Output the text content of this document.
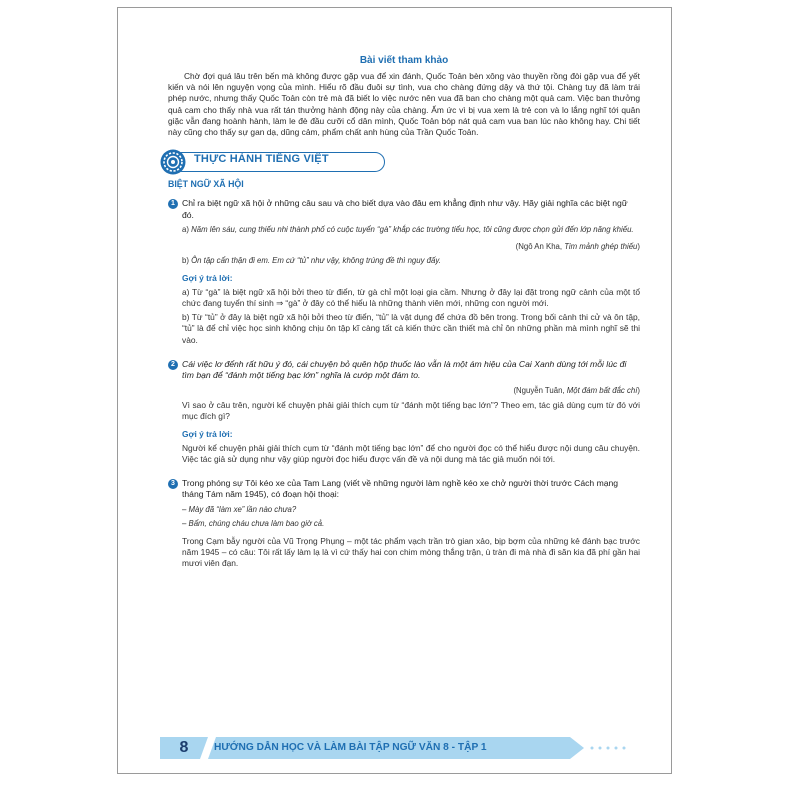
Bài viết tham khảo

Chờ đợi quá lâu trên bến mà không được gặp vua để xin đánh, Quốc Toản bèn xông vào thuyền rồng đòi gặp vua để yết kiến và nói lên nguyện vọng của mình. Hiểu rõ đầu đuôi sự tình, vua cho chàng đứng dậy và thứ tội. Chàng tuy đã làm trái phép nước, nhưng thấy Quốc Toản còn trẻ mà đã biết lo việc nước nên vua đã ban cho chàng một quả cam. Việc ban thưởng quả cam cho thấy nhà vua rất tán thưởng hành động này của chàng. Ấm ức vì bị vua xem là trẻ con và lo lắng nghĩ tới quân giặc vẫn đang hoành hành, làm le đè đầu cưỡi cổ dân mình, Quốc Toản bóp nát quả cam vua ban lúc nào không hay. Chi tiết này cũng cho thấy sự gan dạ, dũng cảm, phẩm chất anh hùng của Trần Quốc Toản.

THỰC HÀNH TIẾNG VIỆT

BIỆT NGỮ XÃ HỘI

1 Chỉ ra biệt ngữ xã hội ở những câu sau và cho biết dựa vào đâu em khẳng định như vậy. Hãy giải nghĩa các biệt ngữ đó.

a) Năm lên sáu, cung thiếu nhi thành phố có cuộc tuyển “gà” khắp các trường tiểu học, tôi cũng được chọn gửi đến lớp năng khiếu.

(Ngô An Kha, Tim mảnh ghép thiếu)

b) Ôn tập cẩn thận đi em. Em cứ “tủ” như vậy, không trúng đề thì nguy đấy.

Gợi ý trả lời:

a) Từ “gà” là biệt ngữ xã hội bởi theo từ điển, từ gà chỉ một loại gia cầm. Nhưng ở đây lại đặt trong ngữ cảnh của một tổ chức đang tuyển thí sinh ⇒ “gà” ở đây có thể hiểu là những thành viên mới, những con người mới.

b) Từ “tủ” ở đây là biệt ngữ xã hội bởi theo từ điển, “tủ” là vật dụng để chứa đồ bên trong. Trong bối cảnh thi cử và ôn tập, “tủ” là để chỉ việc học sinh không chịu ôn tập kĩ càng tất cả kiến thức cần thiết mà chỉ ôn những phần mà mình nghĩ sẽ thi vào.

2 Cái việc lơ đểnh rất hữu ý đó, cái chuyện bỏ quên hộp thuốc lào vẫn là một ám hiệu của Cai Xanh dùng tới mỗi lúc đi tìm bạn để “đánh một tiếng bạc lớn” nghĩa là cướp một đám to.

(Nguyễn Tuân, Một đám bất đắc chí)

Vì sao ở câu trên, người kể chuyện phải giải thích cụm từ “đánh một tiếng bạc lớn”? Theo em, tác giả dùng cụm từ đó với mục đích gì?

Gợi ý trả lời:

Người kể chuyện phải giải thích cụm từ “đánh một tiếng bạc lớn” để cho người đọc có thể hiểu được nội dung câu chuyện. Việc tác giả sử dụng như vậy giúp người đọc hiểu được vấn đề và nội dung mà tác giả muốn nói tới.

3 Trong phóng sự Tôi kéo xe của Tam Lang (viết về những người làm nghề kéo xe chở người thời trước Cách mạng tháng Tám năm 1945), có đoạn hội thoại:

– Mày đã “làm xe” lần nào chưa?

– Bẩm, chúng cháu chưa làm bao giờ cả.

Trong Cạm bẫy người của Vũ Trọng Phụng – một tác phẩm vạch trần trò gian xảo, bịp bợm của những kẻ đánh bạc trước năm 1945 – có câu: Tôi rất lấy làm lạ là vì cứ thấy hai con chim mòng thắng trận, ù tràn đi mà nhà đi săn kia đã phí gần hai mươi viên đạn.

8	HƯỚNG DẪN HỌC VÀ LÀM BÀI TẬP NGỮ VĂN 8 - TẬP 1
